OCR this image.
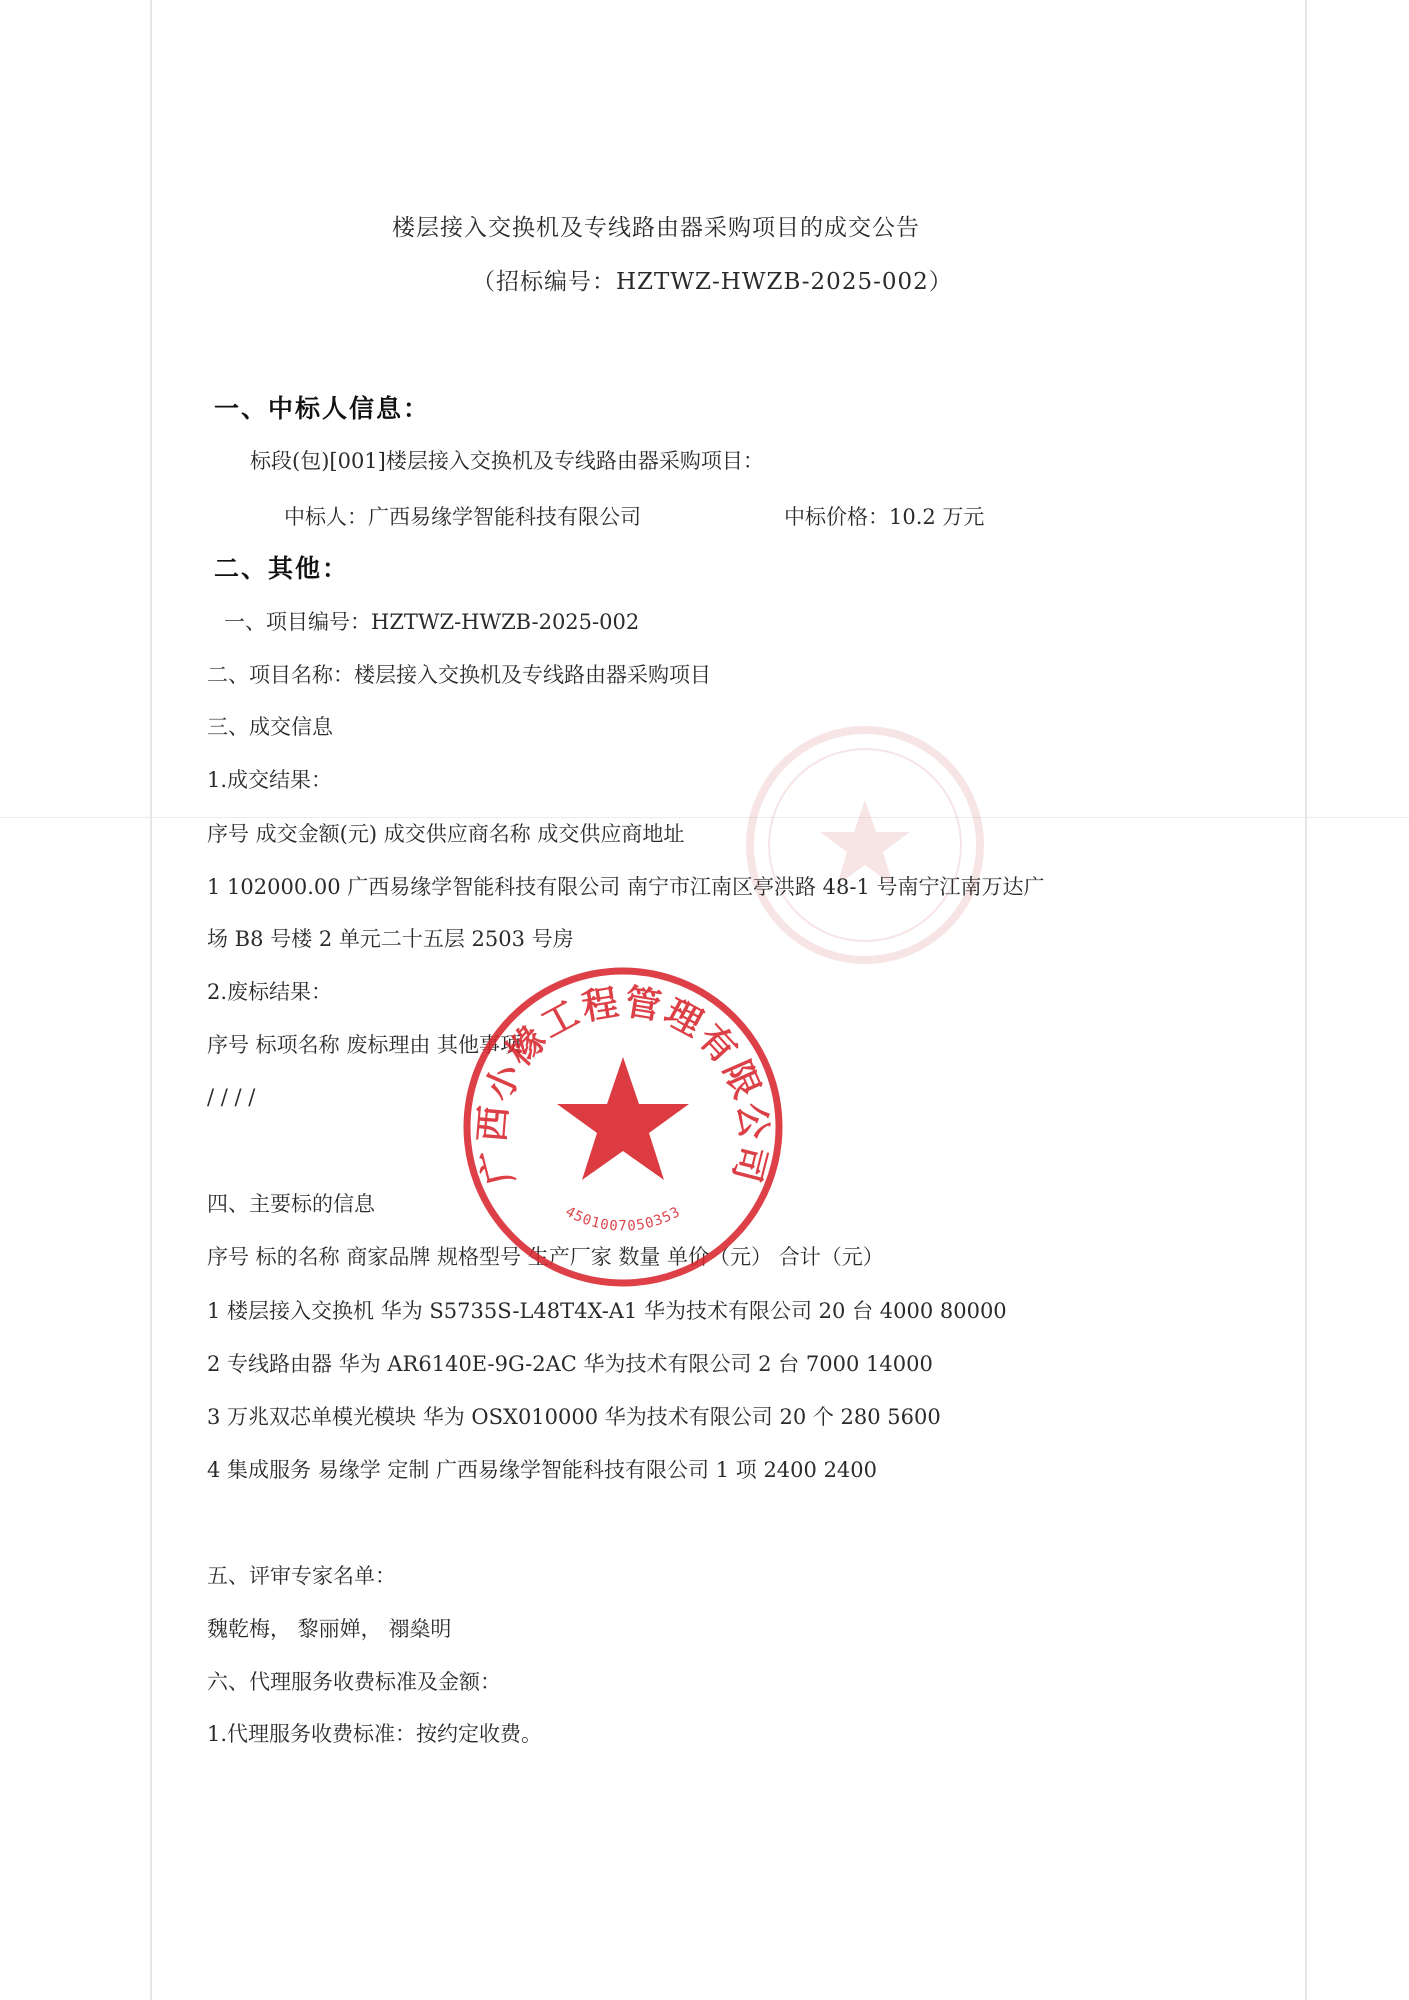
楼层接入交换机及专线路由器采购项目的成交公告
（招标编号：HZTWZ-HWZB-2025-002）
一、中标人信息：
标段(包)[001]楼层接入交换机及专线路由器采购项目：
中标人：广西易缘学智能科技有限公司	中标价格：10.2 万元
二、其他：
一、项目编号：HZTWZ-HWZB-2025-002
二、项目名称：楼层接入交换机及专线路由器采购项目
三、成交信息
1.成交结果：
序号 成交金额(元) 成交供应商名称 成交供应商地址
1 102000.00 广西易缘学智能科技有限公司 南宁市江南区亭洪路 48-1 号南宁江南万达广
场 B8 号楼 2 单元二十五层 2503 号房
2.废标结果：
序号 标项名称 废标理由 其他事项
/ / / /
四、主要标的信息
序号 标的名称 商家品牌 规格型号 生产厂家 数量 单价（元） 合计（元）
1 楼层接入交换机 华为 S5735S-L48T4X-A1 华为技术有限公司 20 台 4000 80000
2 专线路由器 华为 AR6140E-9G-2AC 华为技术有限公司 2 台 7000 14000
3 万兆双芯单模光模块 华为 OSX010000 华为技术有限公司 20 个 280 5600
4 集成服务 易缘学 定制 广西易缘学智能科技有限公司 1 项 2400 2400
五、评审专家名单：
魏乾梅， 黎丽婵， 禤燊明
六、代理服务收费标准及金额：
1.代理服务收费标准：按约定收费。
广西小橼工程管理有限公司
4501007050353
